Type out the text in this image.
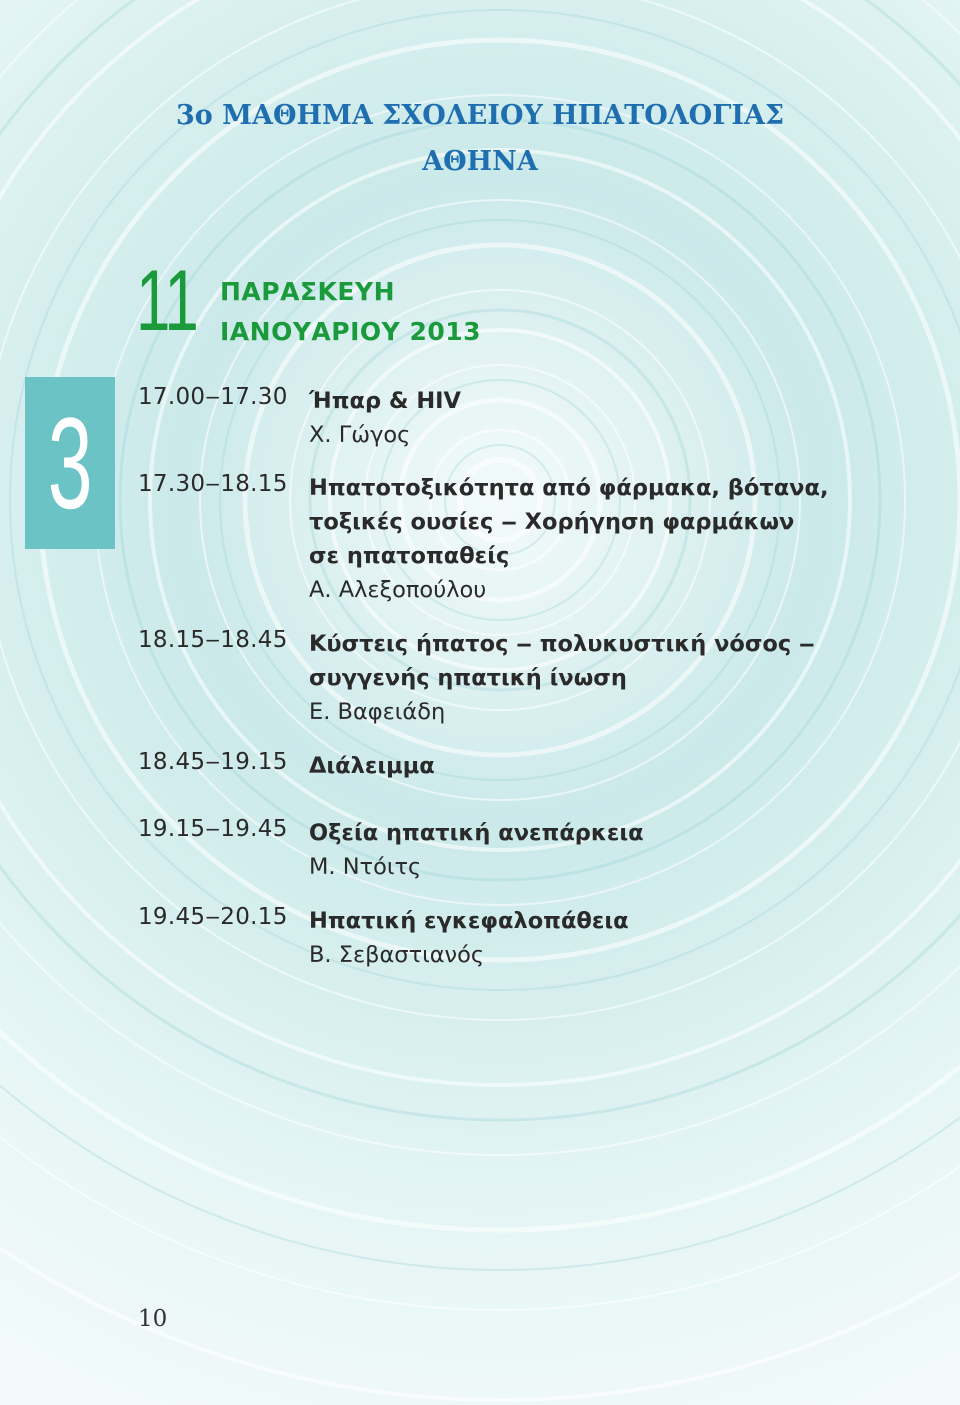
3ο ΜΑΘΗΜΑ ΣΧΟΛΕΙΟΥ ΗΠΑΤΟΛΟΓΙΑΣ
ΑΘΗΝΑ
11 ΠΑΡΑΣΚΕΥΗ
ΙΑΝΟΥΑΡΙΟΥ 2013
3 17.00‒17.30 Ήπαρ & HIV
Χ. Γώγος
17.30‒18.15 Ηπατοτοξικότητα από φάρμακα, βότανα,
τοξικές ουσίες ‒ Χορήγηση φαρμάκων
σε ηπατοπαθείς
Α. Αλεξοπούλου
18.15‒18.45 Κύστεις ήπατος ‒ πολυκυστική νόσος ‒
συγγενής ηπατική ίνωση
Ε. Βαφειάδη
18.45‒19.15 Διάλειμμα
19.15‒19.45 Οξεία ηπατική ανεπάρκεια
Μ. Ντόιτς
19.45‒20.15 Ηπατική εγκεφαλοπάθεια
Β. Σεβαστιανός
10
